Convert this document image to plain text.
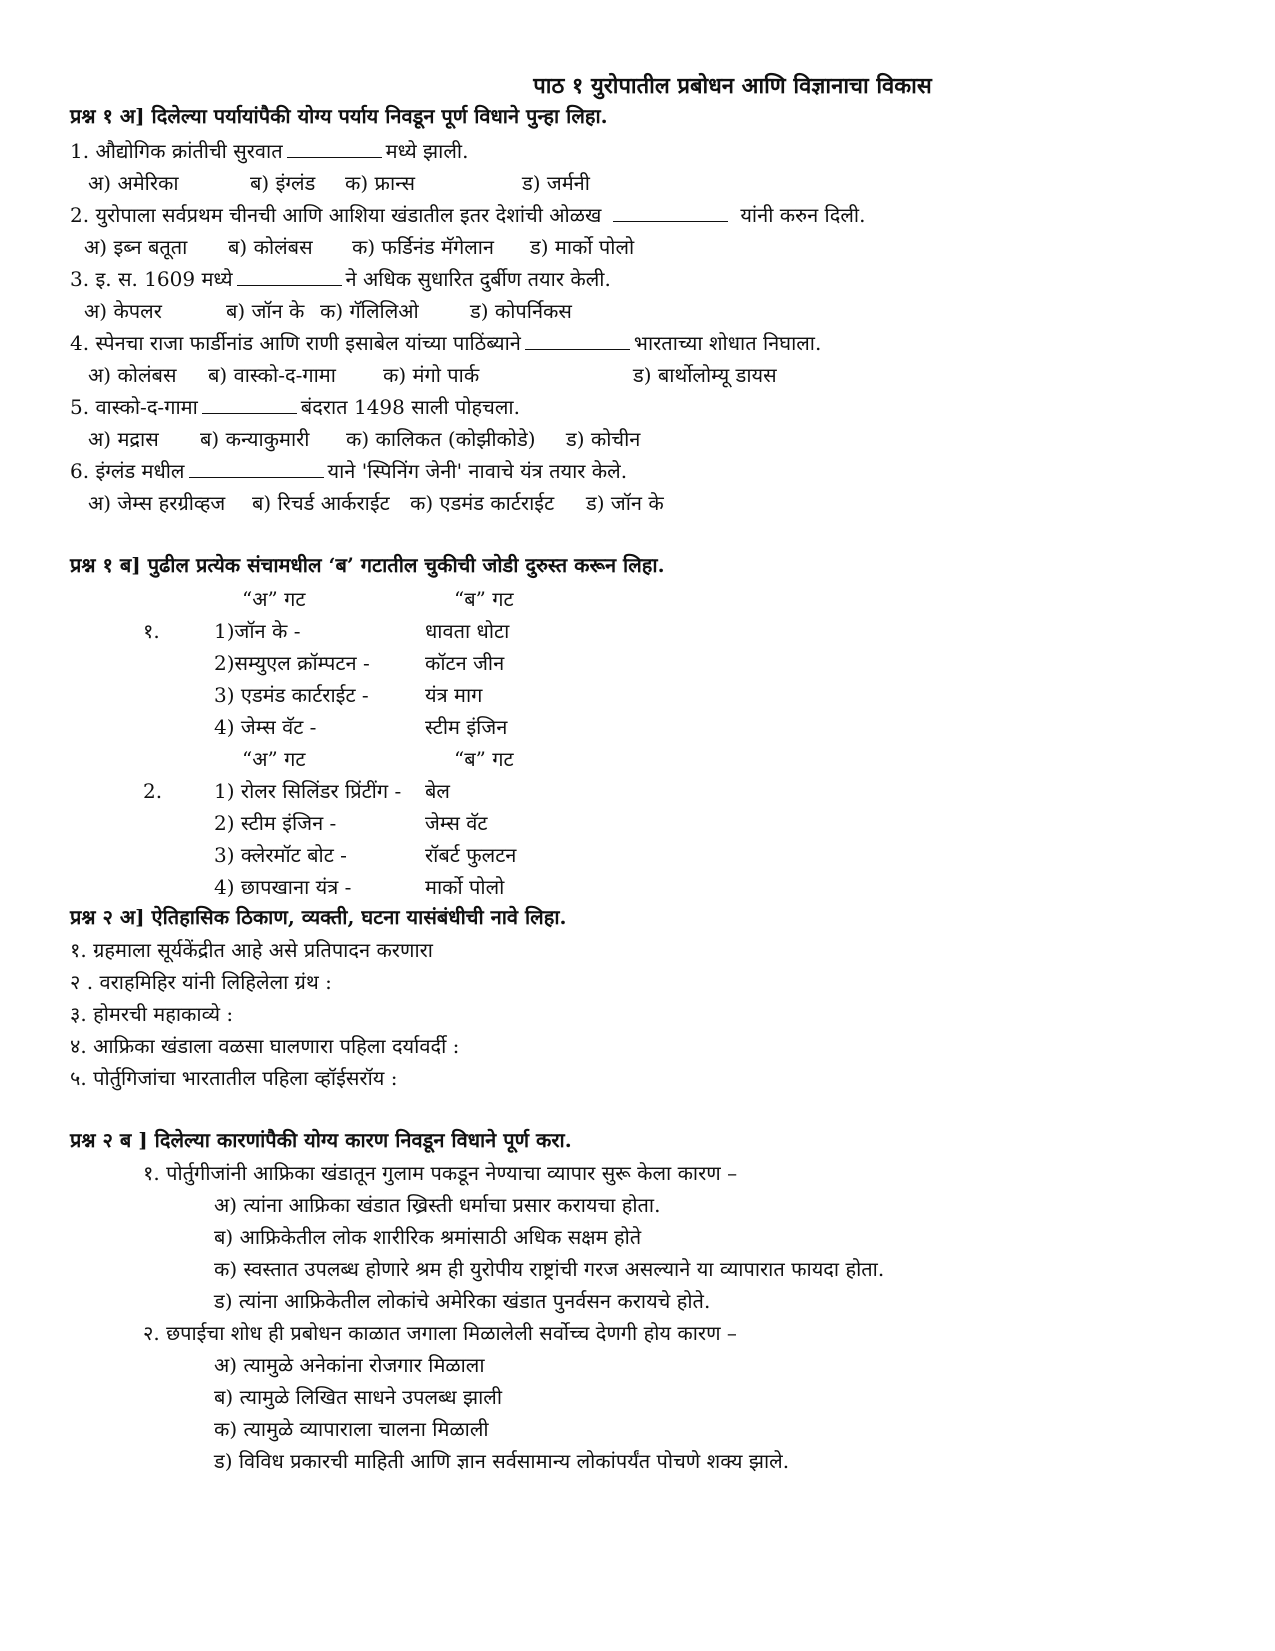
पाठ १ युरोपातील प्रबोधन आणि विज्ञानाचा विकास
प्रश्न १ अ] दिलेल्या पर्यायांपैकी योग्य पर्याय निवडून पूर्ण विधाने पुन्हा लिहा.
1. औद्योगिक क्रांतीची सुरवात	मध्ये झाली.
अ) अमेरिका	ब) इंग्लंड क) फ्रान्स	ड) जर्मनी
2. युरोपाला सर्वप्रथम चीनची आणि आशिया खंडातील इतर देशांची ओळख	यांनी करुन दिली.
अ) इब्न बतूता ब) कोलंबस क) फर्डिनंड मॅगेलान ड) मार्को पोलो
3. इ. स. 1609 मध्ये	ने अधिक सुधारित दुर्बीण तयार केली.
अ) केपलर	ब) जॉन के क) गॅलिलिओ	ड) कोपर्निकस
4. स्पेनचा राजा फार्डीनांड आणि राणी इसाबेल यांच्या पाठिंब्याने	भारताच्या शोधात निघाला.
अ) कोलंबस ब) वास्को-द-गामा क) मंगो पार्क	ड) बार्थोलोम्यू डायस
5. वास्को-द-गामा	बंदरात 1498 साली पोहचला.
अ) मद्रास ब) कन्याकुमारी क) कालिकत (कोझीकोडे) ड) कोचीन
6. इंग्लंड मधील	याने 'स्पिनिंग जेनी' नावाचे यंत्र तयार केले.
अ) जेम्स हरग्रीव्हज ब) रिचर्ड आर्कराईट क) एडमंड कार्टराईट ड) जॉन के
प्रश्न १ ब] पुढील प्रत्येक संचामधील ‘ब’ गटातील चुकीची जोडी दुरुस्त करून लिहा.
“अ” गट	“ब” गट
१.	1)जॉन के -	धावता धोटा
2)सम्युएल क्रॉम्पटन -	कॉटन जीन
3) एडमंड कार्टराईट -	यंत्र माग
4) जेम्स वॅट -	स्टीम इंजिन
“अ” गट	“ब” गट
2.	1) रोलर सिलिंडर प्रिंटींग - बेल
2) स्टीम इंजिन -	जेम्स वॅट
3) क्लेरमॉट बोट -	रॉबर्ट फुलटन
4) छापखाना यंत्र -	मार्को पोलो
प्रश्न २ अ] ऐतिहासिक ठिकाण, व्यक्ती, घटना यासंबंधीची नावे लिहा.
१. ग्रहमाला सूर्यकेंद्रीत आहे असे प्रतिपादन करणारा
२ . वराहमिहिर यांनी लिहिलेला ग्रंथ :
३. होमरची महाकाव्ये :
४. आफ्रिका खंडाला वळसा घालणारा पहिला दर्यावर्दी :
५. पोर्तुगिजांचा भारतातील पहिला व्हॉईसरॉय :
प्रश्न २ ब ] दिलेल्या कारणांपैकी योग्य कारण निवडून विधाने पूर्ण करा.
१. पोर्तुगीजांनी आफ्रिका खंडातून गुलाम पकडून नेण्याचा व्यापार सुरू केला कारण –
अ) त्यांना आफ्रिका खंडात ख्रिस्ती धर्माचा प्रसार करायचा होता.
ब) आफ्रिकेतील लोक शारीरिक श्रमांसाठी अधिक सक्षम होते
क) स्वस्तात उपलब्ध होणारे श्रम ही युरोपीय राष्ट्रांची गरज असल्याने या व्यापारात फायदा होता.
ड) त्यांना आफ्रिकेतील लोकांचे अमेरिका खंडात पुनर्वसन करायचे होते.
२. छपाईचा शोध ही प्रबोधन काळात जगाला मिळालेली सर्वोच्च देणगी होय कारण –
अ) त्यामुळे अनेकांना रोजगार मिळाला
ब) त्यामुळे लिखित साधने उपलब्ध झाली
क) त्यामुळे व्यापाराला चालना मिळाली
ड) विविध प्रकारची माहिती आणि ज्ञान सर्वसामान्य लोकांपर्यंत पोचणे शक्य झाले.
